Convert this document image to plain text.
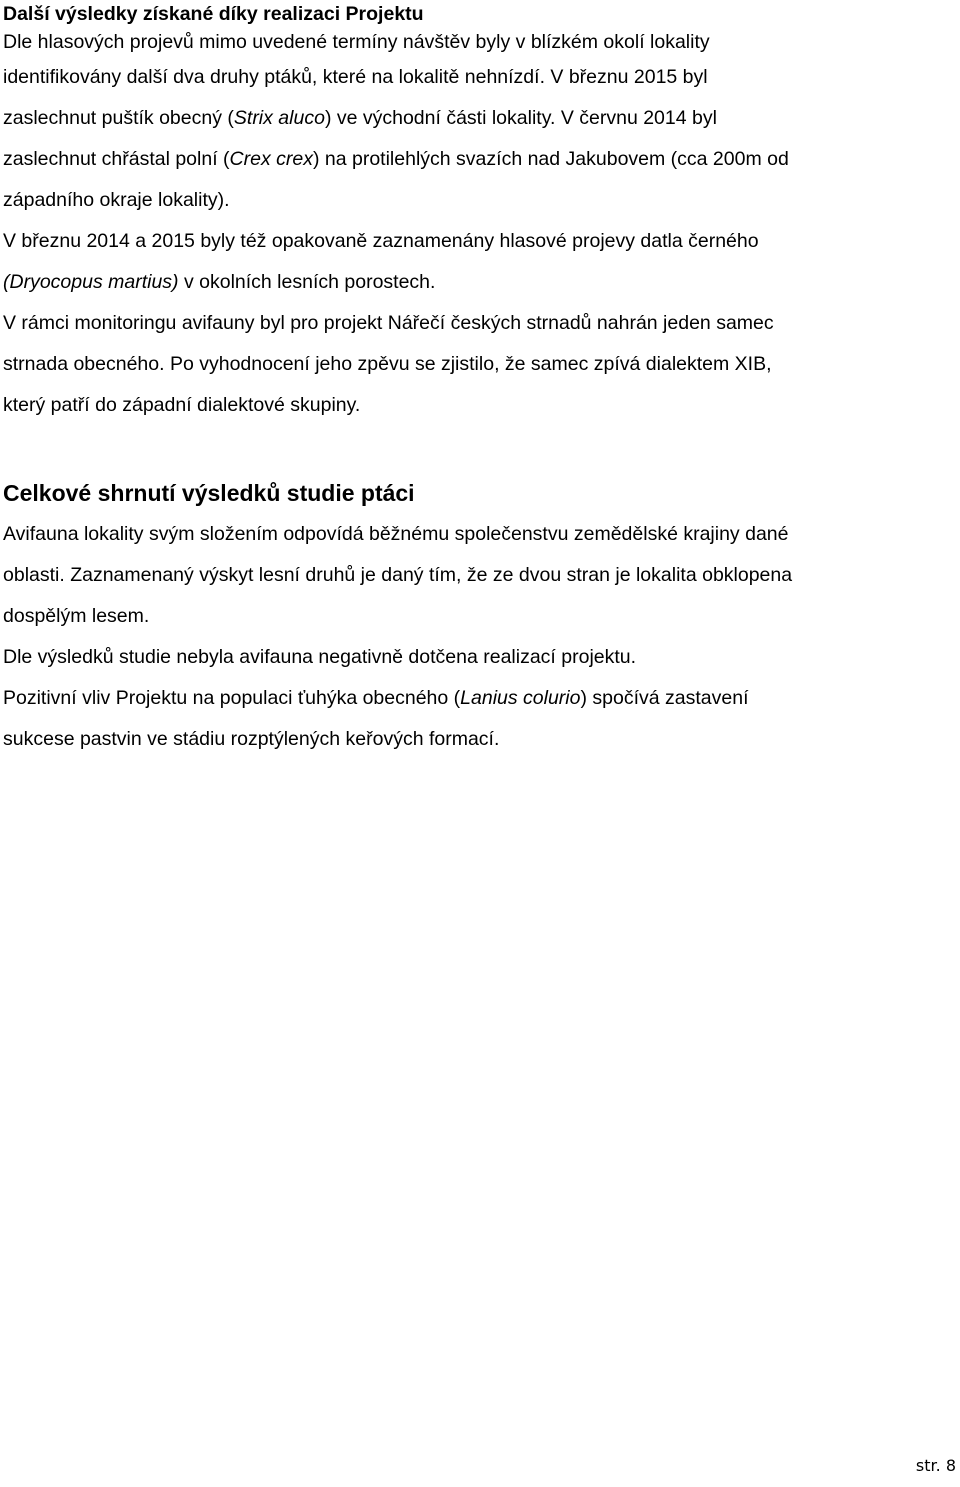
Další výsledky získané díky realizaci Projektu

Dle hlasových projevů mimo uvedené termíny návštěv byly v blízkém okolí lokality
identifikovány další dva druhy ptáků, které na lokalitě nehnízdí. V březnu 2015 byl
zaslechnut puštík obecný (Strix aluco) ve východní části lokality. V červnu 2014 byl
zaslechnut chřástal polní (Crex crex) na protilehlých svazích nad Jakubovem (cca 200m od
západního okraje lokality).

V březnu 2014 a 2015 byly též opakovaně zaznamenány hlasové projevy datla černého
(Dryocopus martius) v okolních lesních porostech.

V rámci monitoringu avifauny byl pro projekt Nářečí českých strnadů nahrán jeden samec
strnada obecného. Po vyhodnocení jeho zpěvu se zjistilo, že samec zpívá dialektem XIB,
který patří do západní dialektové skupiny.

Celkové shrnutí výsledků studie ptáci

Avifauna lokality svým složením odpovídá běžnému společenstvu zemědělské krajiny dané
oblasti. Zaznamenaný výskyt lesní druhů je daný tím, že ze dvou stran je lokalita obklopena
dospělým lesem.

Dle výsledků studie nebyla avifauna negativně dotčena realizací projektu.

Pozitivní vliv Projektu na populaci ťuhýka obecného (Lanius colurio) spočívá zastavení
sukcese pastvin ve stádiu rozptýlených keřových formací.

str. 8
